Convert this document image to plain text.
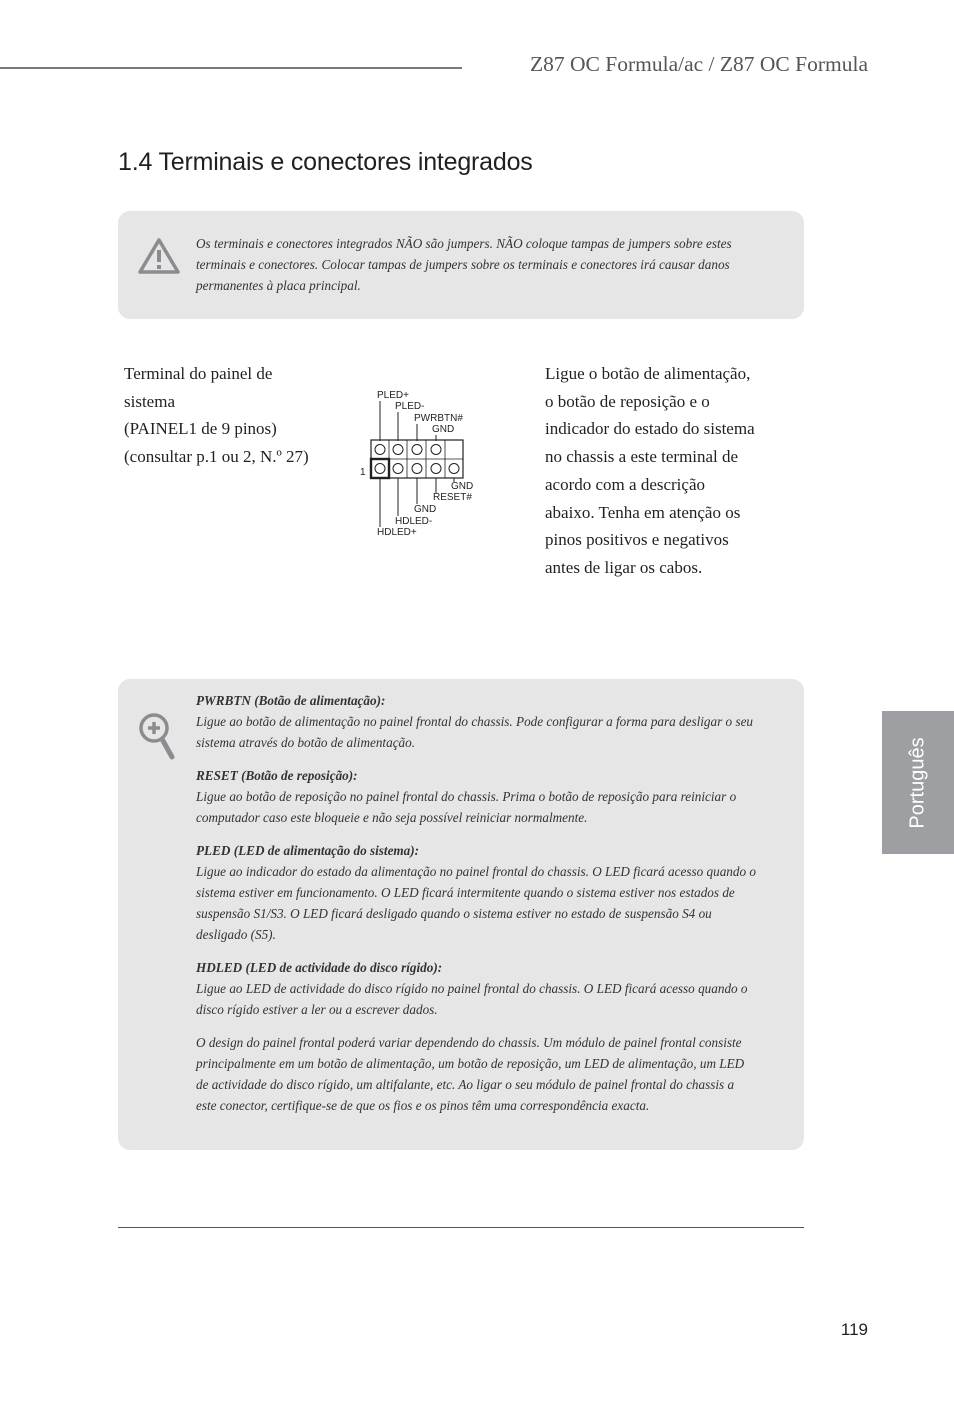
Z87 OC Formula/ac / Z87 OC Formula
1.4 Terminais e conectores integrados
Os terminais e conectores integrados NÃO são jumpers. NÃO coloque tampas de jumpers sobre estes terminais e conectores. Colocar tampas de jumpers sobre os terminais e conectores irá causar danos permanentes à placa principal.
Terminal do painel de
sistema
(PAINEL1 de 9 pinos)
(consultar p.1 ou 2, N.º 27)
PLED+
PLED-
PWRBTN#
GND
1
GND
RESET#
GND
HDLED-
HDLED+
Ligue o botão de alimentação, o botão de reposição e o indicador do estado do sistema no chassis a este terminal de acordo com a descrição abaixo. Tenha em atenção os pinos positivos e negativos antes de ligar os cabos.
PWRBTN (Botão de alimentação):
Ligue ao botão de alimentação no painel frontal do chassis. Pode configurar a forma para desligar o seu sistema através do botão de alimentação.
RESET (Botão de reposição):
Ligue ao botão de reposição no painel frontal do chassis. Prima o botão de reposição para reiniciar o computador caso este bloqueie e não seja possível reiniciar normalmente.
PLED (LED de alimentação do sistema):
Ligue ao indicador do estado da alimentação no painel frontal do chassis. O LED ficará acesso quando o sistema estiver em funcionamento. O LED ficará intermitente quando o sistema estiver nos estados de suspensão S1/S3. O LED ficará desligado quando o sistema estiver no estado de suspensão S4 ou desligado (S5).
HDLED (LED de actividade do disco rígido):
Ligue ao LED de actividade do disco rígido no painel frontal do chassis. O LED ficará acesso quando o disco rígido estiver a ler ou a escrever dados.
O design do painel frontal poderá variar dependendo do chassis. Um módulo de painel frontal consiste principalmente em um botão de alimentação, um botão de reposição, um LED de alimentação, um LED de actividade do disco rígido, um altifalante, etc. Ao ligar o seu módulo de painel frontal do chassis a este conector, certifique-se de que os fios e os pinos têm uma correspondência exacta.
Português
119
